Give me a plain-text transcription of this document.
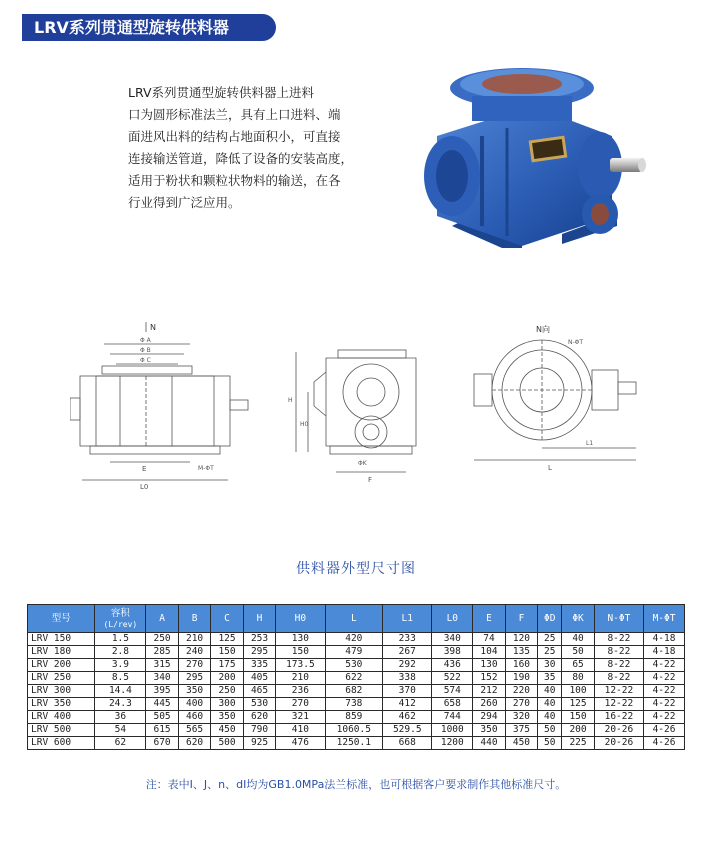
LRV系列贯通型旋转供料器
LRV系列贯通型旋转供料器上进料
口为圆形标准法兰，具有上口进料、端
面进风出料的结构占地面积小，可直接
连接输送管道，降低了设备的安装高度，
适用于粉状和颗粒状物料的输送，在各
行业得到广泛应用。
N
Φ A
Φ B
Φ C
E
L0
M-ΦT
H
H0
ΦK
F
N向
N-ΦT
L
L1
供料器外型尺寸图
型号	容积
(L/rev)	A	B	C	H	H0	L	L1	L0	E	F	ΦD	ΦK	N-ΦT	M-ΦT

LRV 150	1.5	250	210	125	253	130	420	233	340	74	120	25	40	8-22	4-18
LRV 180	2.8	285	240	150	295	150	479	267	398	104	135	25	50	8-22	4-18
LRV 200	3.9	315	270	175	335	173.5	530	292	436	130	160	30	65	8-22	4-22
LRV 250	8.5	340	295	200	405	210	622	338	522	152	190	35	80	8-22	4-22
LRV 300	14.4	395	350	250	465	236	682	370	574	212	220	40	100	12-22	4-22
LRV 350	24.3	445	400	300	530	270	738	412	658	260	270	40	125	12-22	4-22
LRV 400	36	505	460	350	620	321	859	462	744	294	320	40	150	16-22	4-22
LRV 500	54	615	565	450	790	410	1060.5	529.5	1000	350	375	50	200	20-26	4-26
LRV 600	62	670	620	500	925	476	1250.1	668	1200	440	450	50	225	20-26	4-26
注：表中I、J、n、dI均为GB1.0MPa法兰标准，也可根据客户要求制作其他标准尺寸。
